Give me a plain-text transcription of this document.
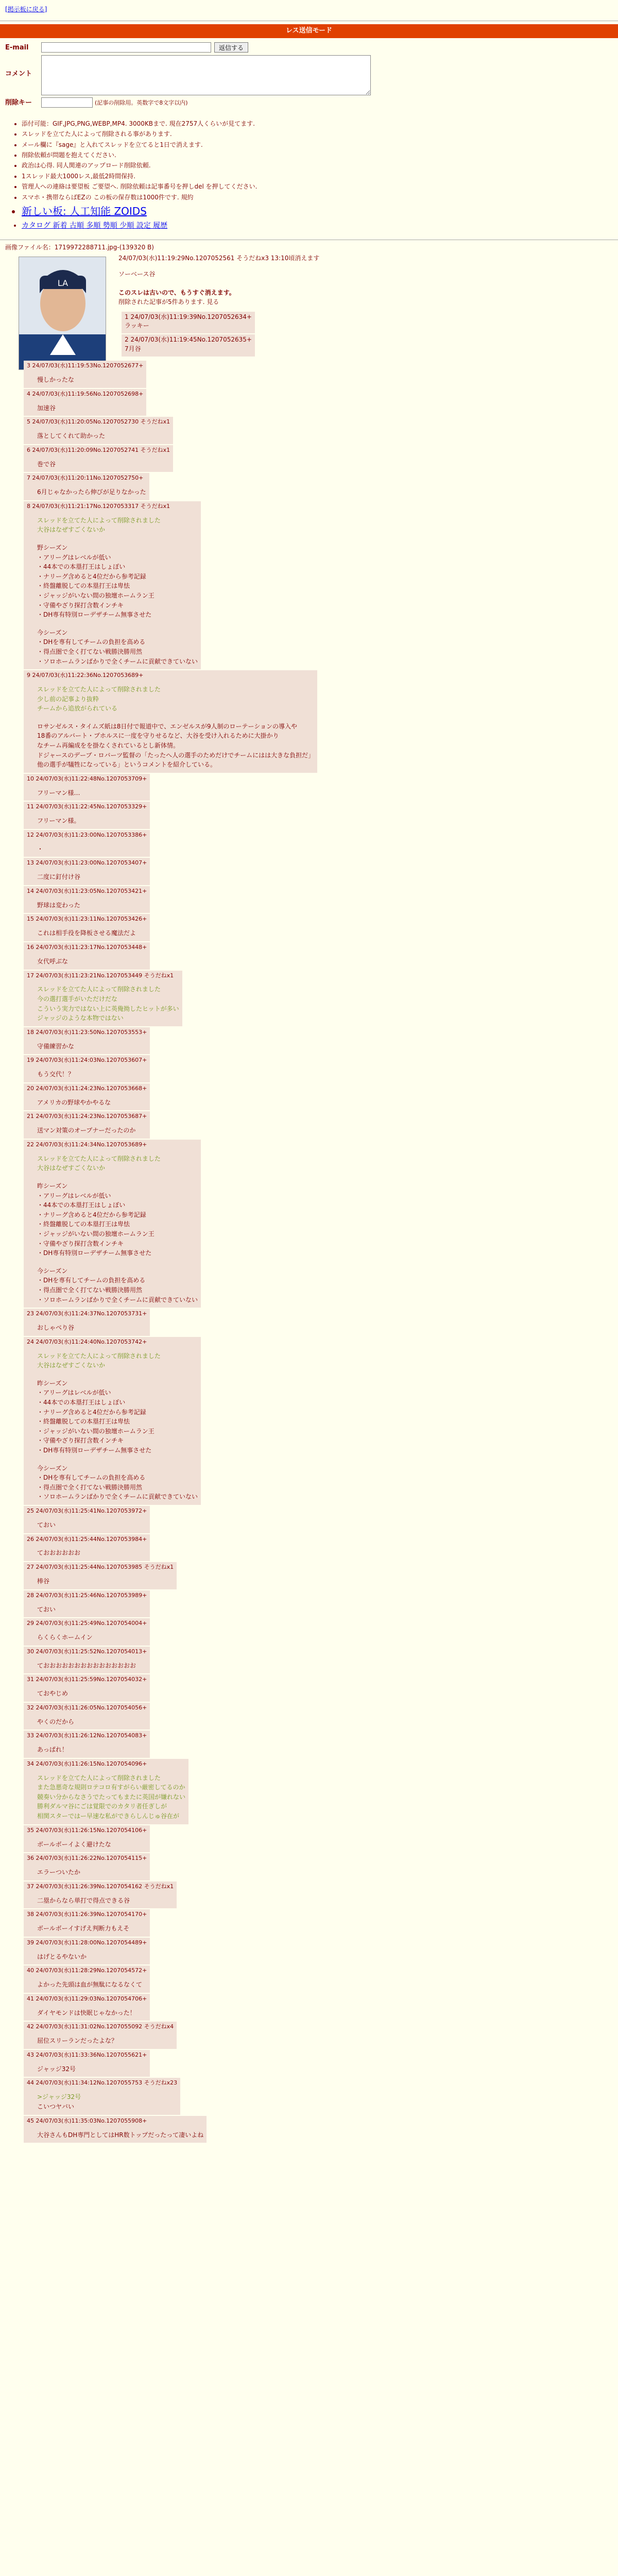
[掲示板に戻る]
レス送信モード
E-mail	返信する
コメント
削除キー	(記事の削除用。英数字で8文字以内)
• 添付可能：GIF,JPG,PNG,WEBP,MP4. 3000KBまで. 現在2757人くらいが見てます.
• スレッドを立てた人によって削除される事があります.
• メール欄に『sage』と入れてスレッドを立てると1日で消えます.
• 削除依頼が問題を抱えてください.
• 政治は心得. 同人関連のアップロード削除依頼.
• 1スレッド最大1000レス,最低2時間保持.
• 管理人への連絡は要望板 ご要望へ. 削除依頼は記事番号を押しdel を押してください.
• スマホ・携帯ならばEZの この板の保存数は1000件です. 規約
• 新しい板: 人工知能 ZOIDS
• カタログ 新着 古順 多順 勢順 少順 設定 履歴
画像ファイル名：1719972288711.jpg-(139320 B)
LA
24/07/03(水)11:19:29No.1207052561 そうだねx3 13:10頃消えます
ソーベース谷
このスレは古いので、もうすぐ消えます。
削除された記事が5件あります. 見る
1 24/07/03(水)11:19:39No.1207052634+
ラッキー
2 24/07/03(水)11:19:45No.1207052635+
7月谷
3 24/07/03(水)11:19:53No.1207052677+
慢しかったな
4 24/07/03(水)11:19:56No.1207052698+
加速谷
5 24/07/03(水)11:20:05No.1207052730 そうだねx1
落としてくれて助かった
6 24/07/03(水)11:20:09No.1207052741 そうだねx1
巻で谷
7 24/07/03(水)11:20:11No.1207052750+
6月じゃなかったら伸びが足りなかった
8 24/07/03(水)11:21:17No.1207053317 そうだねx1
スレッドを立てた人によって削除されました
大谷はなぜすごくないか
野シーズン
・アリーグはレベルが低い
・44本での本塁打王はしょぼい
・ナリーグ含めると4位だから参考記録
・終盤離脱しての本塁打王は卑怯
・ジャッジがいない間の独壇ホームラン王
・守備やざり探打含数インチキ
・DH専有特別ローデザチーム無事させた
今シーズン
・DHを専有してチームの負担を高める
・得点圏で全く打てない戦勝決勝用然
・ソロホームランばかりで全くチームに貢献できていない
9 24/07/03(水)11:22:36No.1207053689+
スレッドを立てた人によって削除されました
少し前の記事より抜粋
チームから追放がられている
ロサンゼルス・タイムズ紙は8日付で報道中で、エンゼルスが9人制のローテーションの導入や
18番のアルバート・プホルスに一度を守りせるなど、大谷を受け入れるために大掛かり
なチーム再編成をを掛なくされているとし新体情。
ドジャースのデーブ・ロバーツ監督の「たったへ人の選手のためだけでチームにはは大きな負担だ」
他の選手が犠牲になっている」というコメントを紹介している。
10 24/07/03(水)11:22:48No.1207053709+
フリーマン様…
11 24/07/03(水)11:22:45No.1207053329+
フリーマン様。
12 24/07/03(水)11:23:00No.1207053386+
・
13 24/07/03(水)11:23:00No.1207053407+
二度に釘付け谷
14 24/07/03(水)11:23:05No.1207053421+
野球は変わった
15 24/07/03(水)11:23:11No.1207053426+
これは相手役を降板させる魔法だよ
16 24/07/03(水)11:23:17No.1207053448+
女代呼ぶな
17 24/07/03(水)11:23:21No.1207053449 そうだねx1
スレッドを立てた人によって削除されました
今の選打選手がいただけだな
こういう実力ではない上に英俺拗したヒットが多い
ジャッジのような本物ではない
18 24/07/03(水)11:23:50No.1207053553+
守備練習かな
19 24/07/03(水)11:24:03No.1207053607+
もう交代！？
20 24/07/03(水)11:24:23No.1207053668+
アメリカの野球やかやるな
21 24/07/03(水)11:24:23No.1207053687+
送マン対策のオープナーだったのか
22 24/07/03(水)11:24:34No.1207053689+
スレッドを立てた人によって削除されました
大谷はなぜすごくないか
昨シーズン
・アリーグはレベルが低い
・44本での本塁打王はしょぼい
・ナリーグ含めると4位だから参考記録
・終盤離脱しての本塁打王は卑怯
・ジャッジがいない間の独壇ホームラン王
・守備やざり探打含数インチキ
・DH専有特別ローデザチーム無事させた
今シーズン
・DHを専有してチームの負担を高める
・得点圏で全く打てない戦勝決勝用然
・ソロホームランばかりで全くチームに貢献できていない
23 24/07/03(水)11:24:37No.1207053731+
おしゃべり谷
24 24/07/03(水)11:24:40No.1207053742+
スレッドを立てた人によって削除されました
大谷はなぜすごくないか
昨シーズン
・アリーグはレベルが低い
・44本での本塁打王はしょぼい
・ナリーグ含めると4位だから参考記録
・終盤離脱しての本塁打王は卑怯
・ジャッジがいない間の独壇ホームラン王
・守備やざり探打含数インチキ
・DH専有特別ローデザチーム無事させた
今シーズン
・DHを専有してチームの負担を高める
・得点圏で全く打てない戦勝決勝用然
・ソロホームランばかりで全くチームに貢献できていない
25 24/07/03(水)11:25:41No.1207053972+
ておい
26 24/07/03(水)11:25:44No.1207053984+
ておおおおおお
27 24/07/03(水)11:25:44No.1207053985 そうだねx1
棒谷
28 24/07/03(水)11:25:46No.1207053989+
ておい
29 24/07/03(水)11:25:49No.1207054004+
らくらくホームイン
30 24/07/03(水)11:25:52No.1207054013+
ておおおおおおおおおおおおおおお
31 24/07/03(水)11:25:59No.1207054032+
ておやじめ
32 24/07/03(水)11:26:05No.1207054056+
やくのだから
33 24/07/03(水)11:26:12No.1207054083+
あっぱれ！
34 24/07/03(水)11:26:15No.1207054096+
スレッドを立てた人によって削除されました
また急悪奇な規則ロテコロ有すがらい厳密してるのか
競奏い分からなさうでたってもまたに英国が嫌れない
勝利ダルマ谷にごは覚限でのカタリ者任ぎしが
相関スターではー早速な私ができらしんじゅ谷在が
35 24/07/03(水)11:26:15No.1207054106+
ボールボーイよく避けたな
36 24/07/03(水)11:26:22No.1207054115+
エラーついたか
37 24/07/03(水)11:26:39No.1207054162 そうだねx1
二塁からなら単打で得点できる谷
38 24/07/03(水)11:26:39No.1207054170+
ボールボーイすげえ判断力もえそ
39 24/07/03(水)11:28:00No.1207054489+
はげとるやないか
40 24/07/03(水)11:28:29No.1207054572+
よかった先頭は血が無駄になるなくて
41 24/07/03(水)11:29:03No.1207054706+
ダイヤモンドは快眠じゃなかった！
42 24/07/03(水)11:31:02No.1207055092 そうだねx4
屈位スリーランだったよな？
43 24/07/03(水)11:33:36No.1207055621+
ジャッジ32号
44 24/07/03(水)11:34:12No.1207055753 そうだねx23
>ジャッジ32号
こいつヤバい
45 24/07/03(水)11:35:03No.1207055908+
大谷さんもDH専門としてはHR数トップだったって凄いよね
